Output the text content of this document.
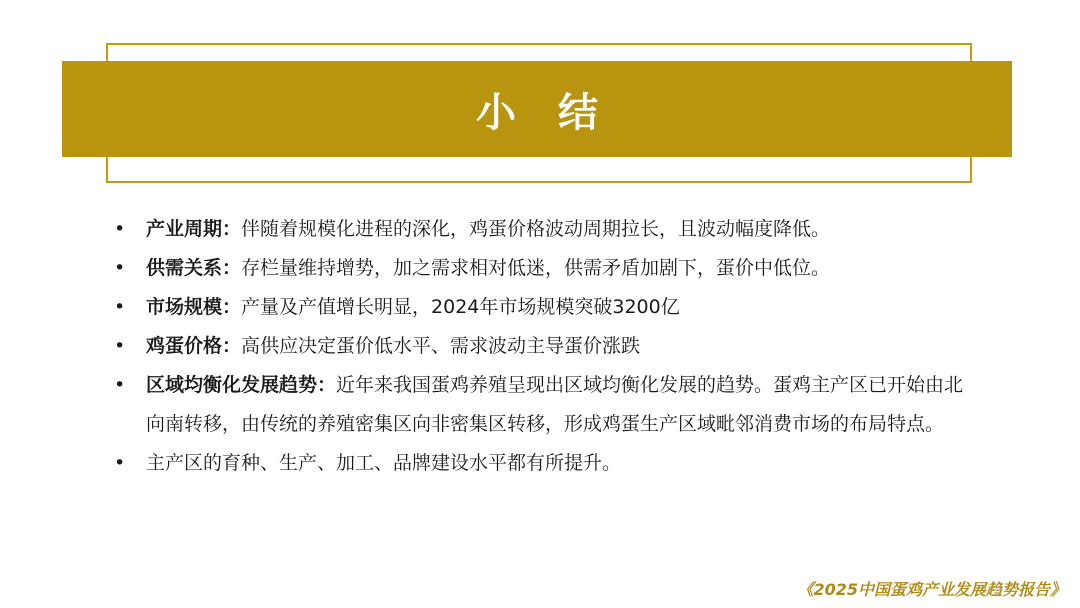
小 结
• 产业周期：伴随着规模化进程的深化，鸡蛋价格波动周期拉长，且波动幅度降低。
• 供需关系：存栏量维持增势，加之需求相对低迷，供需矛盾加剧下，蛋价中低位。
• 市场规模：产量及产值增长明显，2024年市场规模突破3200亿
• 鸡蛋价格：高供应决定蛋价低水平、需求波动主导蛋价涨跌
• 区域均衡化发展趋势：近年来我国蛋鸡养殖呈现出区域均衡化发展的趋势。蛋鸡主产区已开始由北向南转移，由传统的养殖密集区向非密集区转移，形成鸡蛋生产区域毗邻消费市场的布局特点。
• 主产区的育种、生产、加工、品牌建设水平都有所提升。
《2025中国蛋鸡产业发展趋势报告》
